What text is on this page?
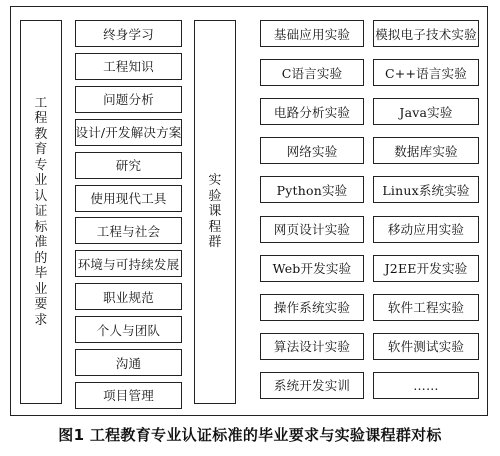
工
程
教
育
专
业
认
证
标
准
的
毕
业
要
求
终身学习
工程知识
问题分析
设计/开发解决方案
研究
使用现代工具
工程与社会
环境与可持续发展
职业规范
个人与团队
沟通
项目管理
实
验
课
程
群
基础应用实验
C语言实验
电路分析实验
网络实验
Python实验
网页设计实验
Web开发实验
操作系统实验
算法设计实验
系统开发实训
模拟电子技术实验
C++语言实验
Java实验
数据库实验
Linux系统实验
移动应用实验
J2EE开发实验
软件工程实验
软件测试实验
……
图1 工程教育专业认证标准的毕业要求与实验课程群对标
